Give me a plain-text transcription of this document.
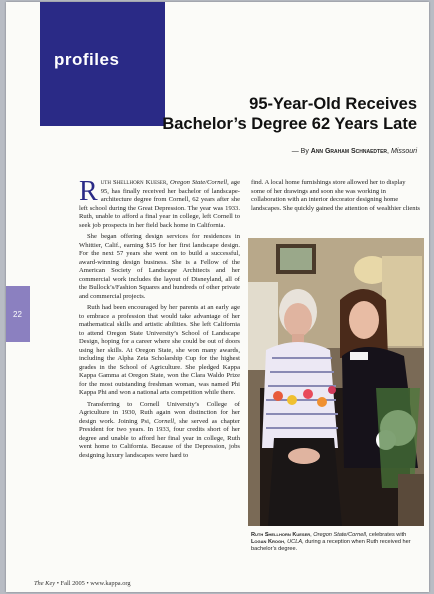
profiles
95-Year-Old Receives
Bachelor’s Degree 62 Years Late
— By Ann Graham Schnaedter, Missouri

Ruth Shellhorn Kueser, Oregon State/Cornell, age 95, has finally received her bachelor of landscape-architecture degree from Cornell, 62 years after she left school during the Great Depression. The year was 1933. Ruth, unable to afford a final year in college, left Cornell to seek job prospects in her field back home in California.

She began offering design services for residences in Whittier, Calif., earning $15 for her first landscape design. For the next 57 years she went on to build a successful, award-winning design business. She is a Fellow of the American Society of Landscape Architects and her commercial work includes the layout of Disneyland, all of the Bullock’s/Fashion Squares and hundreds of other private and commercial projects.

Ruth had been encouraged by her parents at an early age to embrace a profession that would take advantage of her mathematical skills and artistic abilities. She left California to attend Oregon State University’s School of Landscape Design, hoping for a career where she could be out of doors using her skills. At Oregon State, she won many awards, including the Alpha Zeta Scholarship Cup for the highest grades in the School of Agriculture. She pledged Kappa Kappa Gamma at Oregon State, won the Clara Waldo Prize for the most outstanding freshman woman, was named Phi Kappa Phi and won a national arts competition while there.

Transferring to Cornell University’s College of Agriculture in 1930, Ruth again won distinction for her design work. Joining Psi, Cornell, she served as chapter President for two years. In 1933, four credits short of her degree and unable to afford her final year in college, Ruth went home to California. Because of the Depression, jobs designing luxury landscapes were hard to

find. A local home furnishings store allowed her to display some of her drawings and soon she was working in collaboration with an interior decorator designing home landscapes. She quickly gained the attention of wealthier clients

Ruth Shellhorn Kueser, Oregon State/Cornell, celebrates with Logan Krogh, UCLA, during a reception when Ruth received her bachelor’s degree.
The Key • Fall 2005 • www.kappa.org
22
